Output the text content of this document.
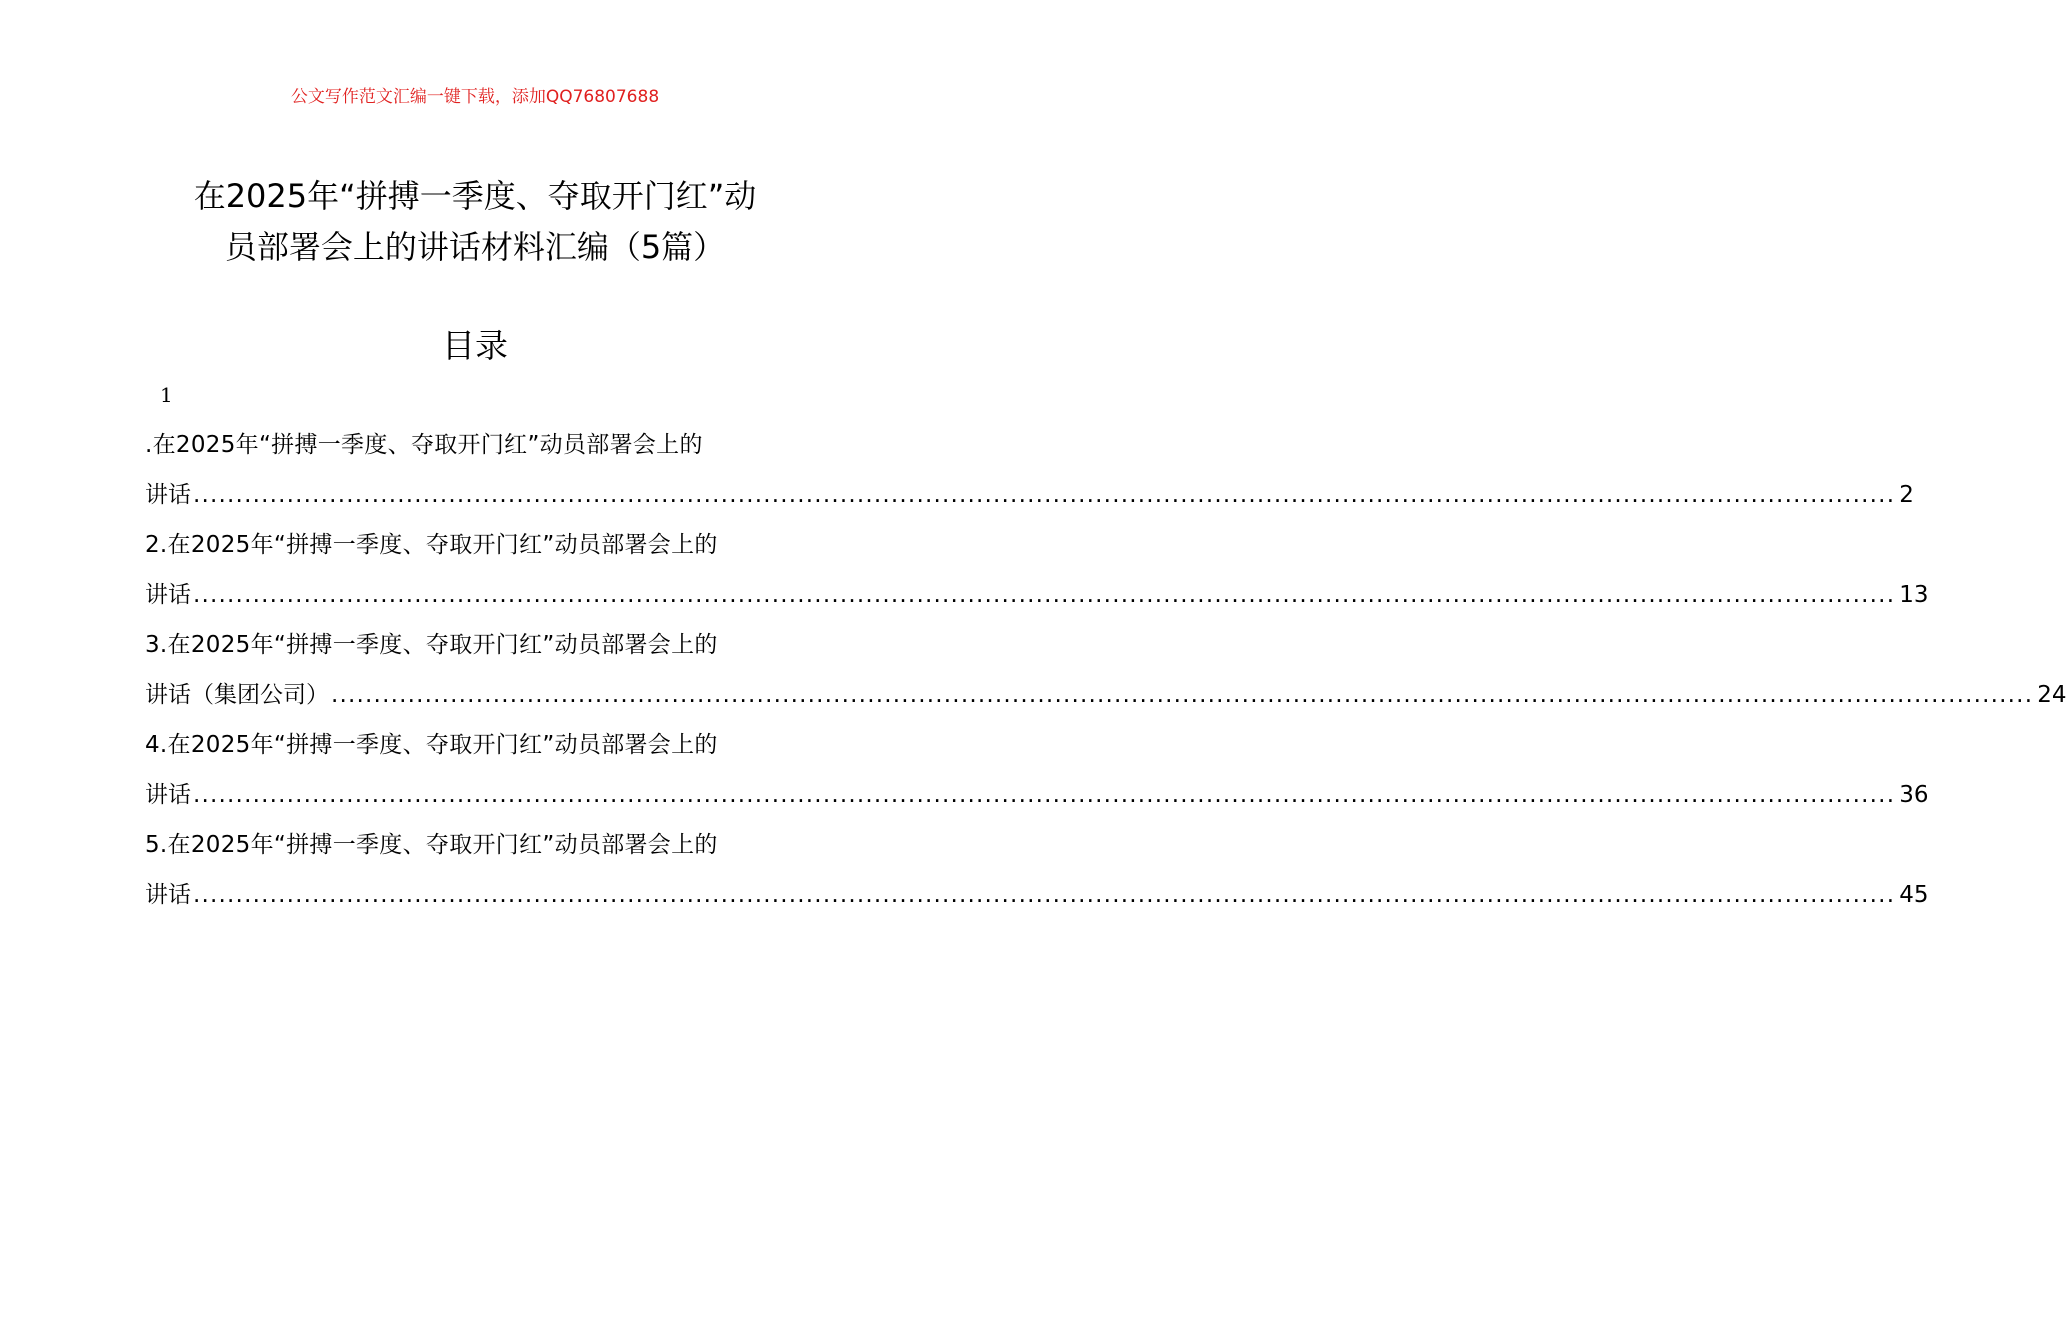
公文写作范文汇编一键下载，添加QQ76807688
在2025年“拼搏一季度、夺取开门红”动
员部署会上的讲话材料汇编（5篇）
目录
1
.在2025年“拼搏一季度、夺取开门红”动员部署会上的
讲话 ........................................................................................................................................................................................................ 2
2.在2025年“拼搏一季度、夺取开门红”动员部署会上的
讲话 ........................................................................................................................................................................................................ 13
3.在2025年“拼搏一季度、夺取开门红”动员部署会上的
讲话（集团公司） ........................................................................................................................................................................................................ 24
4.在2025年“拼搏一季度、夺取开门红”动员部署会上的
讲话 ........................................................................................................................................................................................................ 36
5.在2025年“拼搏一季度、夺取开门红”动员部署会上的
讲话 ........................................................................................................................................................................................................ 45
